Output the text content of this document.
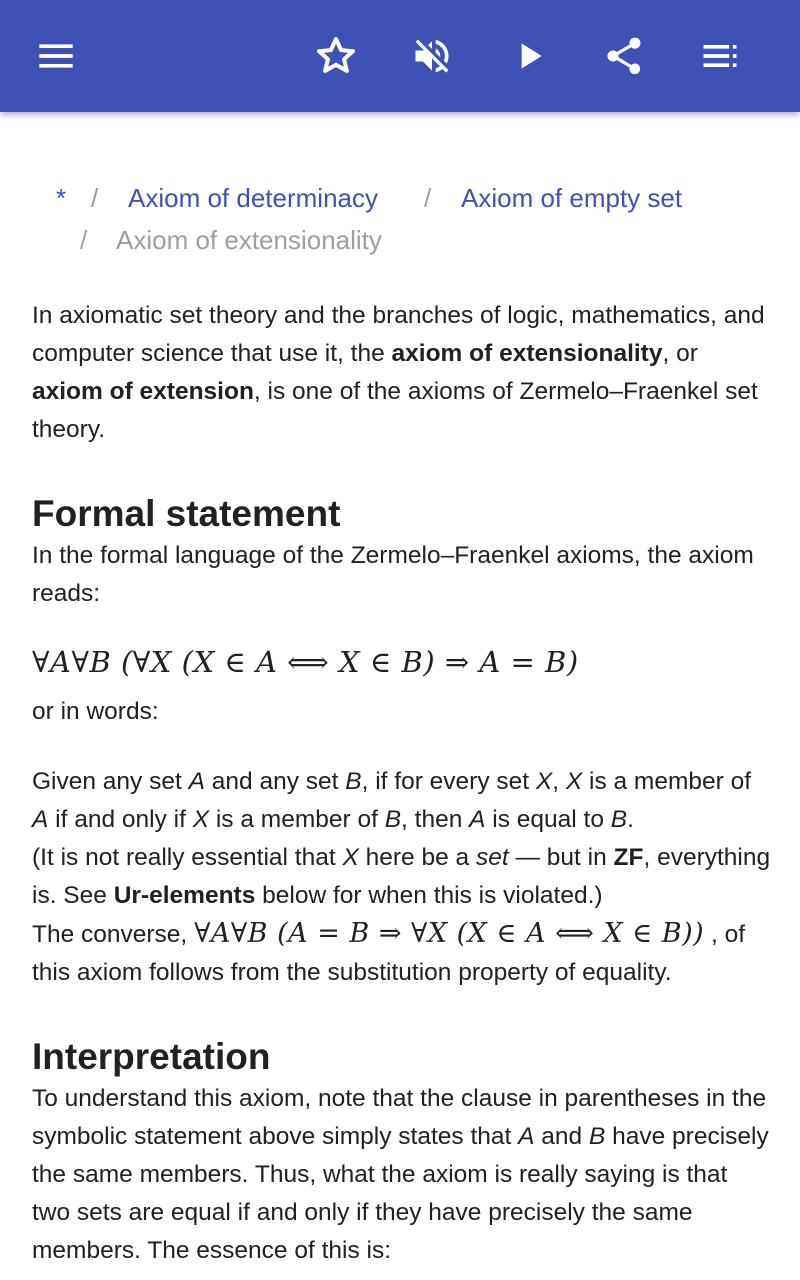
* / Axiom of determinacy / Axiom of empty set
/ Axiom of extensionality

In axiomatic set theory and the branches of logic, mathematics, and computer science that use it, the axiom of extensionality, or axiom of extension, is one of the axioms of Zermelo–Fraenkel set theory.

Formal statement

In the formal language of the Zermelo–Fraenkel axioms, the axiom reads:

∀A∀B (∀X (X ∈ A ⟺ X ∈ B) ⇒ A = B)

or in words:

Given any set A and any set B, if for every set X, X is a member of A if and only if X is a member of B, then A is equal to B.
(It is not really essential that X here be a set — but in ZF, everything is. See Ur-elements below for when this is violated.)
The converse, ∀A∀B (A = B ⇒ ∀X (X ∈ A ⟺ X ∈ B)) , of this axiom follows from the substitution property of equality.

Interpretation

To understand this axiom, note that the clause in parentheses in the symbolic statement above simply states that A and B have precisely the same members. Thus, what the axiom is really saying is that two sets are equal if and only if they have precisely the same members. The essence of this is:
